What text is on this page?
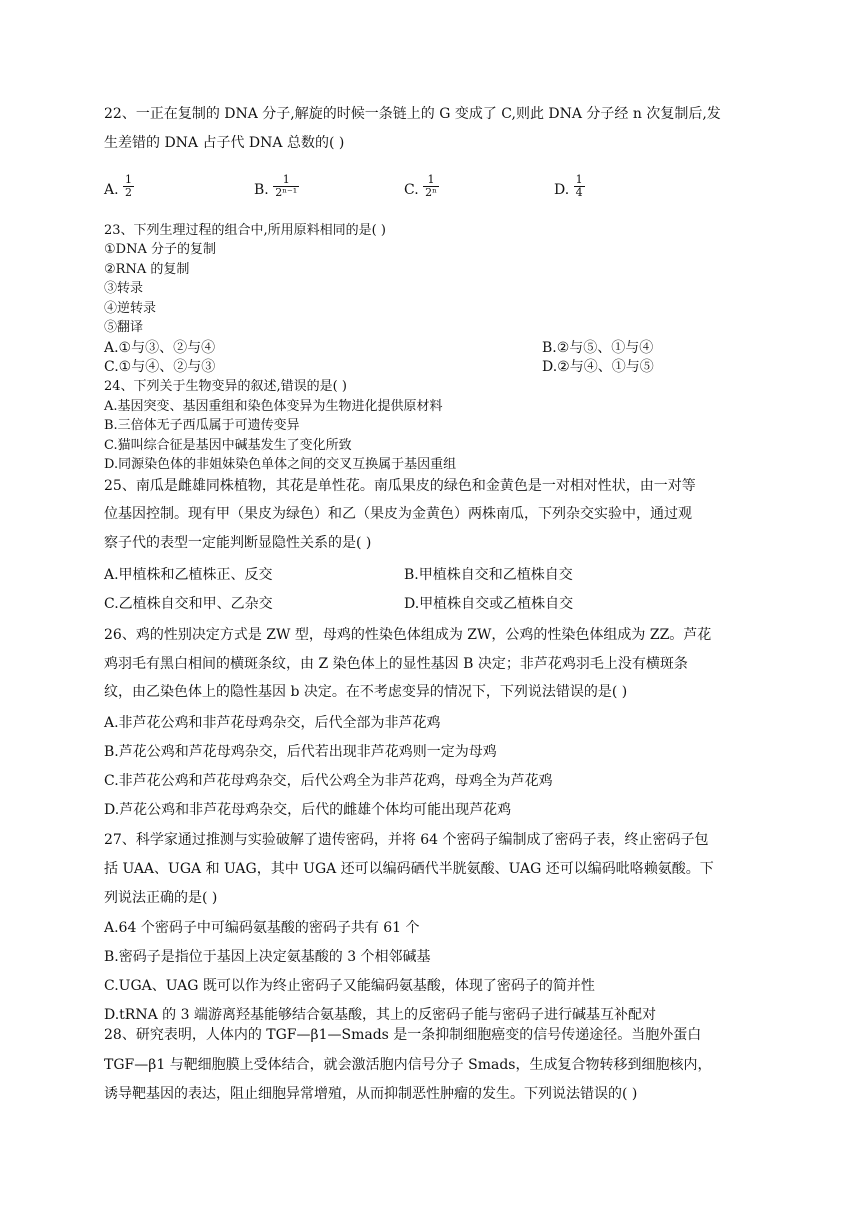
22、一正在复制的 DNA 分子,解旋的时候一条链上的 G 变成了 C,则此 DNA 分子经 n 次复制后,发
生差错的 DNA 占子代 DNA 总数的( )
A. $\frac{1}{2}$	B. $\frac{1}{\text{2ⁿ⁻¹}}$	C. $\frac{1}{\text{2ⁿ}}$	D. $\frac{1}{4}$
23、下列生理过程的组合中,所用原料相同的是( )
①DNA 分子的复制
②RNA 的复制
③转录
④逆转录
⑤翻译
A.①与③、②与④	B.②与⑤、①与④
C.①与④、②与③	D.②与④、①与⑤
24、下列关于生物变异的叙述,错误的是( )
A.基因突变、基因重组和染色体变异为生物进化提供原材料
B.三倍体无子西瓜属于可遗传变异
C.猫叫综合征是基因中碱基发生了变化所致
D.同源染色体的非姐妹染色单体之间的交叉互换属于基因重组
25、南瓜是雌雄同株植物，其花是单性花。南瓜果皮的绿色和金黄色是一对相对性状，由一对等
位基因控制。现有甲（果皮为绿色）和乙（果皮为金黄色）两株南瓜，下列杂交实验中，通过观
察子代的表型一定能判断显隐性关系的是( )
A.甲植株和乙植株正、反交	B.甲植株自交和乙植株自交
C.乙植株自交和甲、乙杂交	D.甲植株自交或乙植株自交
26、鸡的性别决定方式是 ZW 型，母鸡的性染色体组成为 ZW，公鸡的性染色体组成为 ZZ。芦花
鸡羽毛有黑白相间的横斑条纹，由 Z 染色体上的显性基因 B 决定；非芦花鸡羽毛上没有横斑条
纹，由乙染色体上的隐性基因 b 决定。在不考虑变异的情况下，下列说法错误的是( )
A.非芦花公鸡和非芦花母鸡杂交，后代全部为非芦花鸡
B.芦花公鸡和芦花母鸡杂交，后代若出现非芦花鸡则一定为母鸡
C.非芦花公鸡和芦花母鸡杂交，后代公鸡全为非芦花鸡，母鸡全为芦花鸡
D.芦花公鸡和非芦花母鸡杂交，后代的雌雄个体均可能出现芦花鸡
27、科学家通过推测与实验破解了遗传密码，并将 64 个密码子编制成了密码子表，终止密码子包
括 UAA、UGA 和 UAG，其中 UGA 还可以编码硒代半胱氨酸、UAG 还可以编码吡咯赖氨酸。下
列说法正确的是( )
A.64 个密码子中可编码氨基酸的密码子共有 61 个
B.密码子是指位于基因上决定氨基酸的 3 个相邻碱基
C.UGA、UAG 既可以作为终止密码子又能编码氨基酸，体现了密码子的简并性
D.tRNA 的 3 端游离羟基能够结合氨基酸，其上的反密码子能与密码子进行碱基互补配对
28、研究表明，人体内的 TGF—β1—Smads 是一条抑制细胞癌变的信号传递途径。当胞外蛋白
TGF—β1 与靶细胞膜上受体结合，就会激活胞内信号分子 Smads，生成复合物转移到细胞核内，
诱导靶基因的表达，阻止细胞异常增殖，从而抑制恶性肿瘤的发生。下列说法错误的( )
